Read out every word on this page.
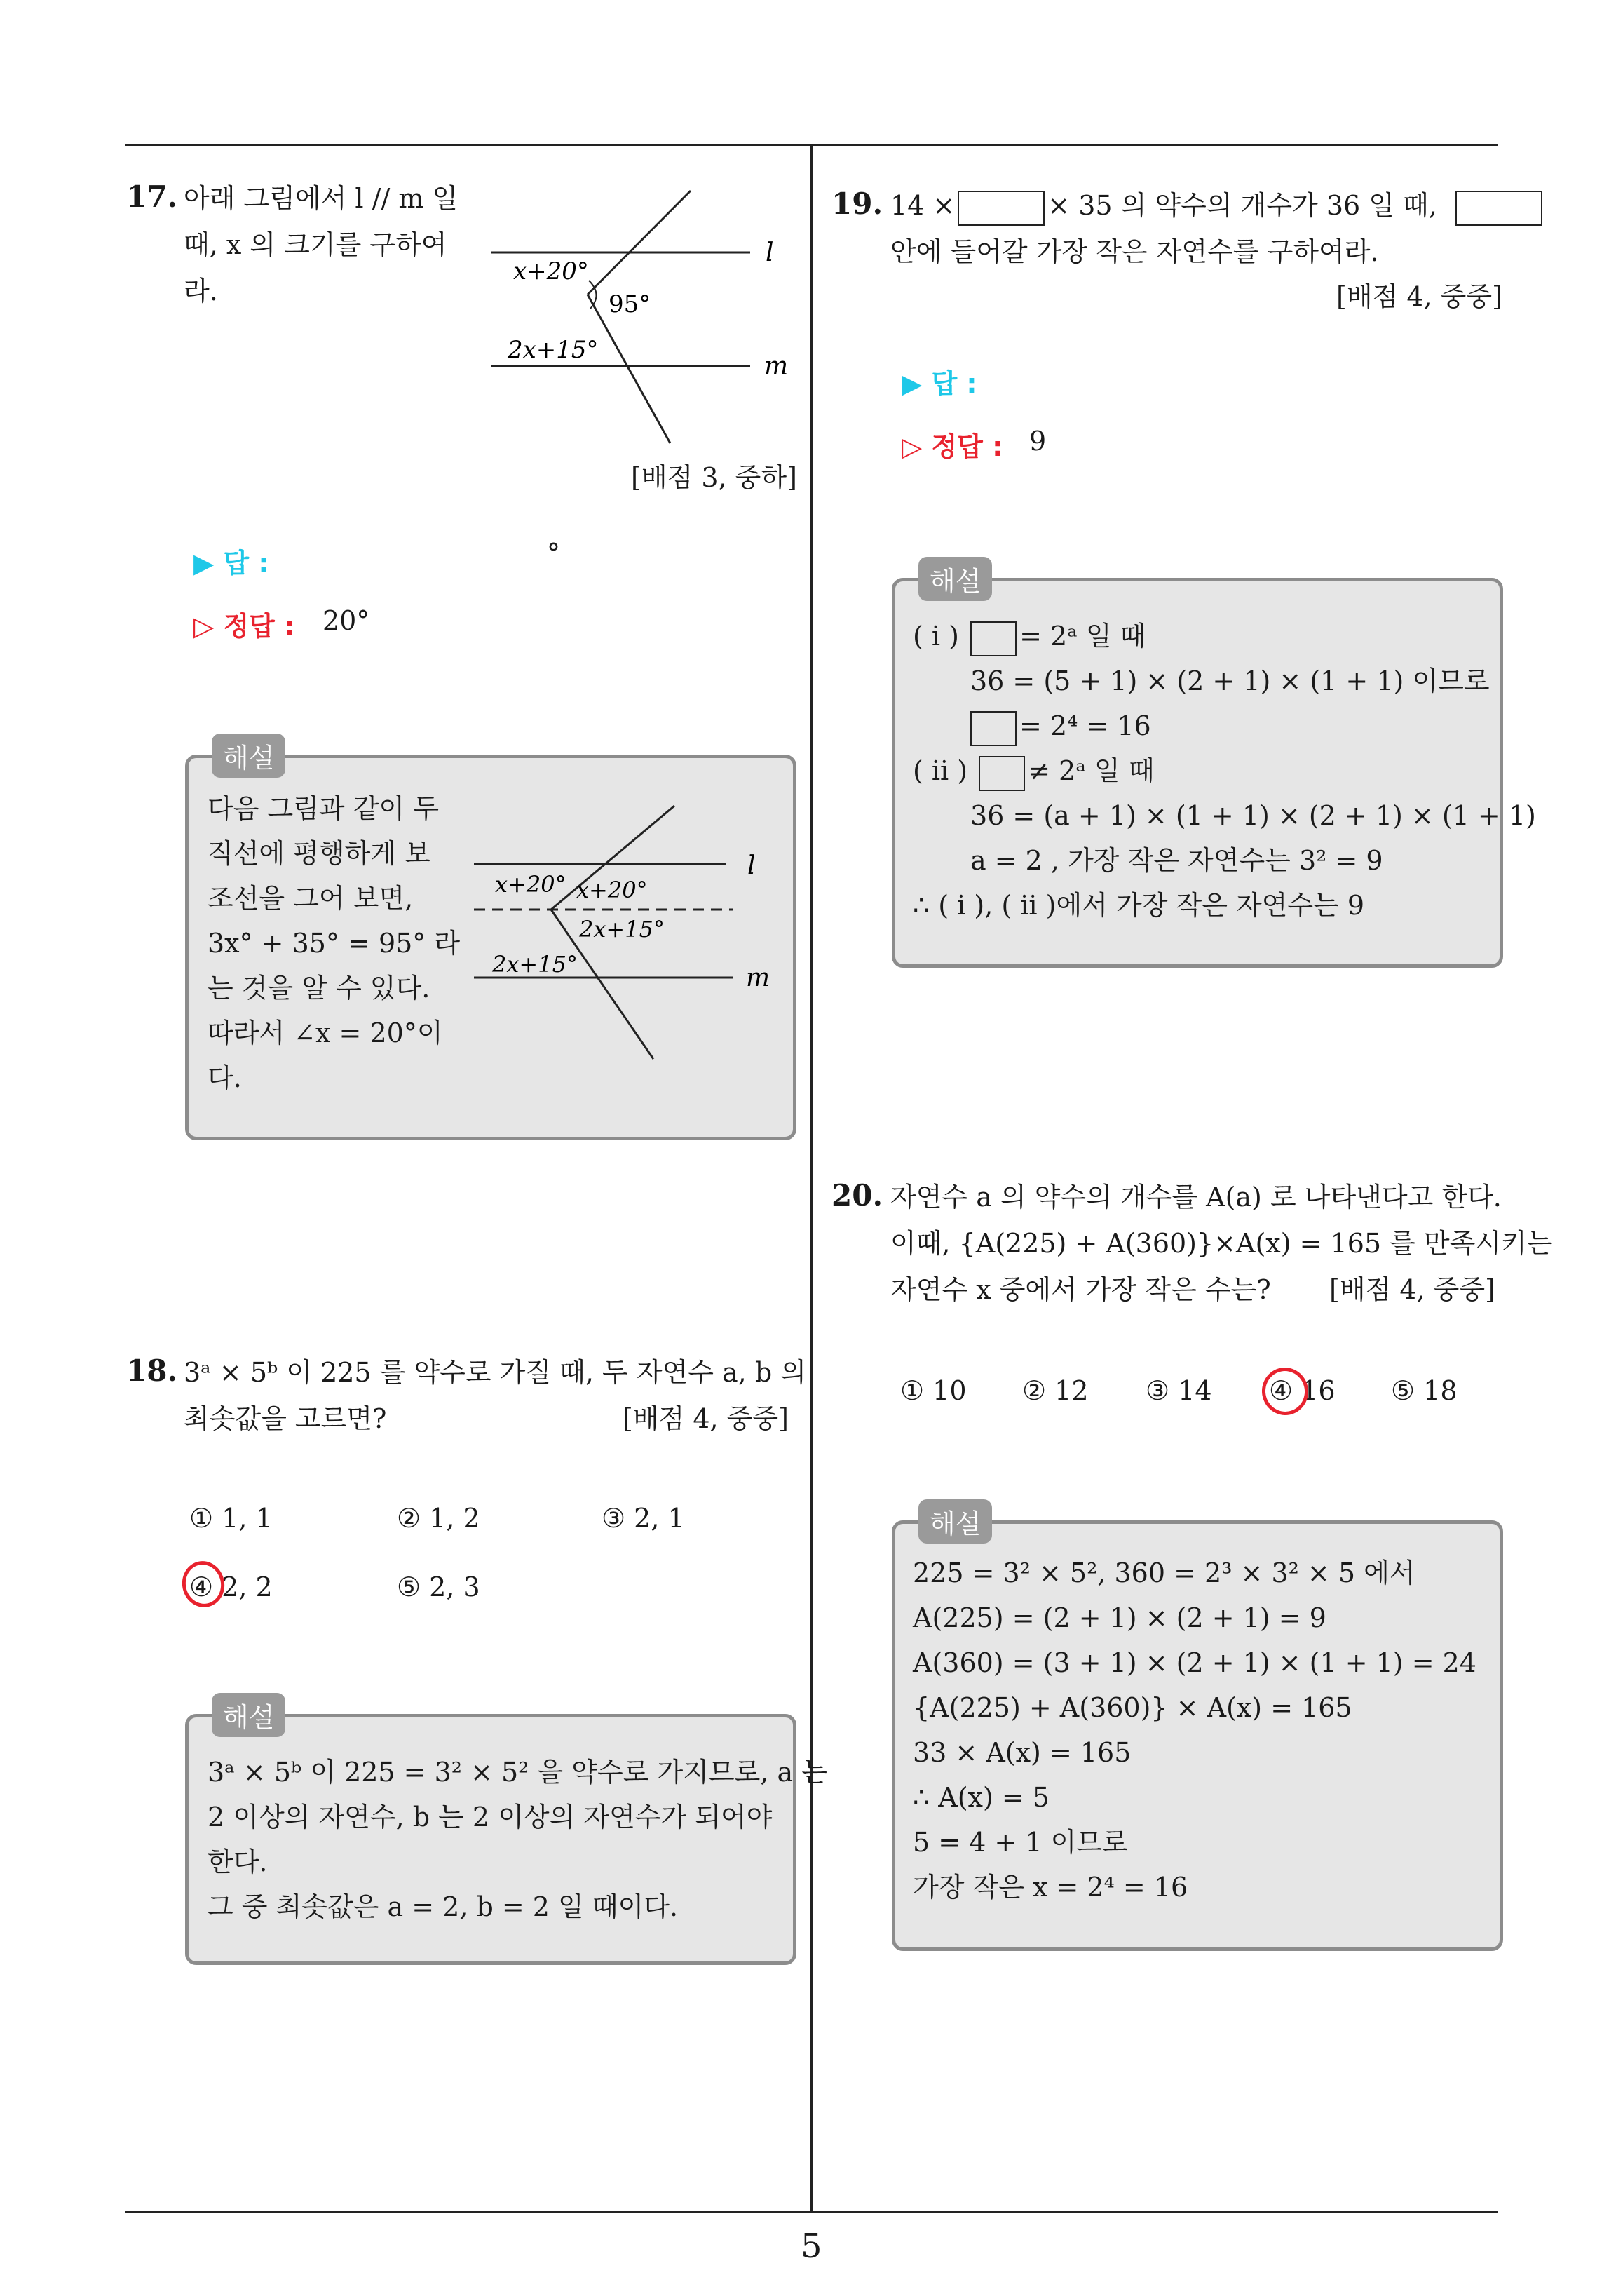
5
17. 아래 그림에서 l // m 일
때, x 의 크기를 구하여
라.
x+20°
95°
2x+15°
l
m
[배점 3, 중하]
▶ 답 :	°
▷ 정답 : 20°
해설
다음 그림과 같이 두
직선에 평행하게 보
조선을 그어 보면,
3x° + 35° = 95° 라
는 것을 알 수 있다.
따라서 ∠x = 20°이
다.
x+20° x+20°
2x+15°
2x+15°
l
m
18. 3ᵃ × 5ᵇ 이 225 를 약수로 가질 때, 두 자연수 a, b 의
최솟값을 고르면?	[배점 4, 중중]
① 1, 1	② 1, 2	③ 2, 1
④ 2, 2	⑤ 2, 3
해설
3ᵃ × 5ᵇ 이 225 = 3² × 5² 을 약수로 가지므로, a 는
2 이상의 자연수, b 는 2 이상의 자연수가 되어야
한다.
그 중 최솟값은 a = 2, b = 2 일 때이다.
19. 14 ×	× 35 의 약수의 개수가 36 일 때,
안에 들어갈 가장 작은 자연수를 구하여라.
[배점 4, 중중]
▶ 답 :
▷ 정답 : 9
해설
( i ) = 2ᵃ 일 때
36 = (5 + 1) × (2 + 1) × (1 + 1) 이므로
= 2⁴ = 16
( ii ) ≠ 2ᵃ 일 때
36 = (a + 1) × (1 + 1) × (2 + 1) × (1 + 1)
a = 2 , 가장 작은 자연수는 3² = 9
∴ ( i ), ( ii )에서 가장 작은 자연수는 9
20. 자연수 a 의 약수의 개수를 A(a) 로 나타낸다고 한다.
이때, {A(225) + A(360)}×A(x) = 165 를 만족시키는
자연수 x 중에서 가장 작은 수는? [배점 4, 중중]
① 10 ② 12 ③ 14 ④ 16 ⑤ 18
해설
225 = 3² × 5², 360 = 2³ × 3² × 5 에서
A(225) = (2 + 1) × (2 + 1) = 9
A(360) = (3 + 1) × (2 + 1) × (1 + 1) = 24
{A(225) + A(360)} × A(x) = 165
33 × A(x) = 165
∴ A(x) = 5
5 = 4 + 1 이므로
가장 작은 x = 2⁴ = 16
